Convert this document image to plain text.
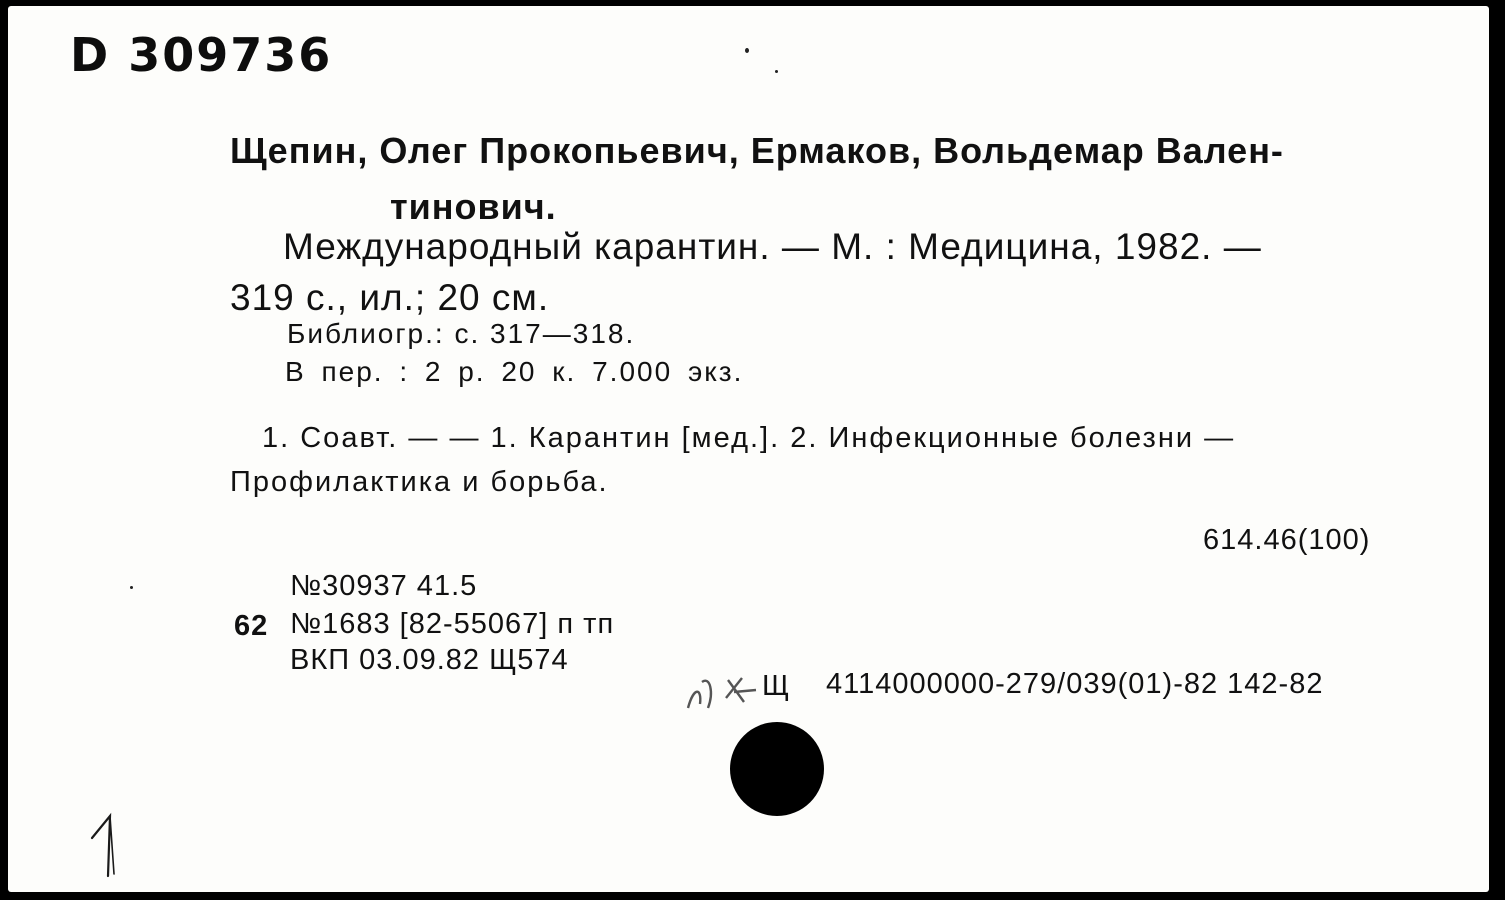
D 309736
Щепин, Олег Прокопьевич, Ермаков, Вольдемар Вален-
тинович.
Международный карантин. — М. : Медицина, 1982. —
319 с., ил.; 20 см.
Библиогр.: с. 317—318.
В пер. : 2 р. 20 к. 7.000 экз.
1. Соавт. — — 1. Карантин [мед.]. 2. Инфекционные болезни —
Профилактика и борьба.
614.46(100)
№30937 41.5
62 №1683 [82-55067] п тп
ВКП 03.09.82 Щ574
Щ 4114000000-279/039(01)-82 142-82
